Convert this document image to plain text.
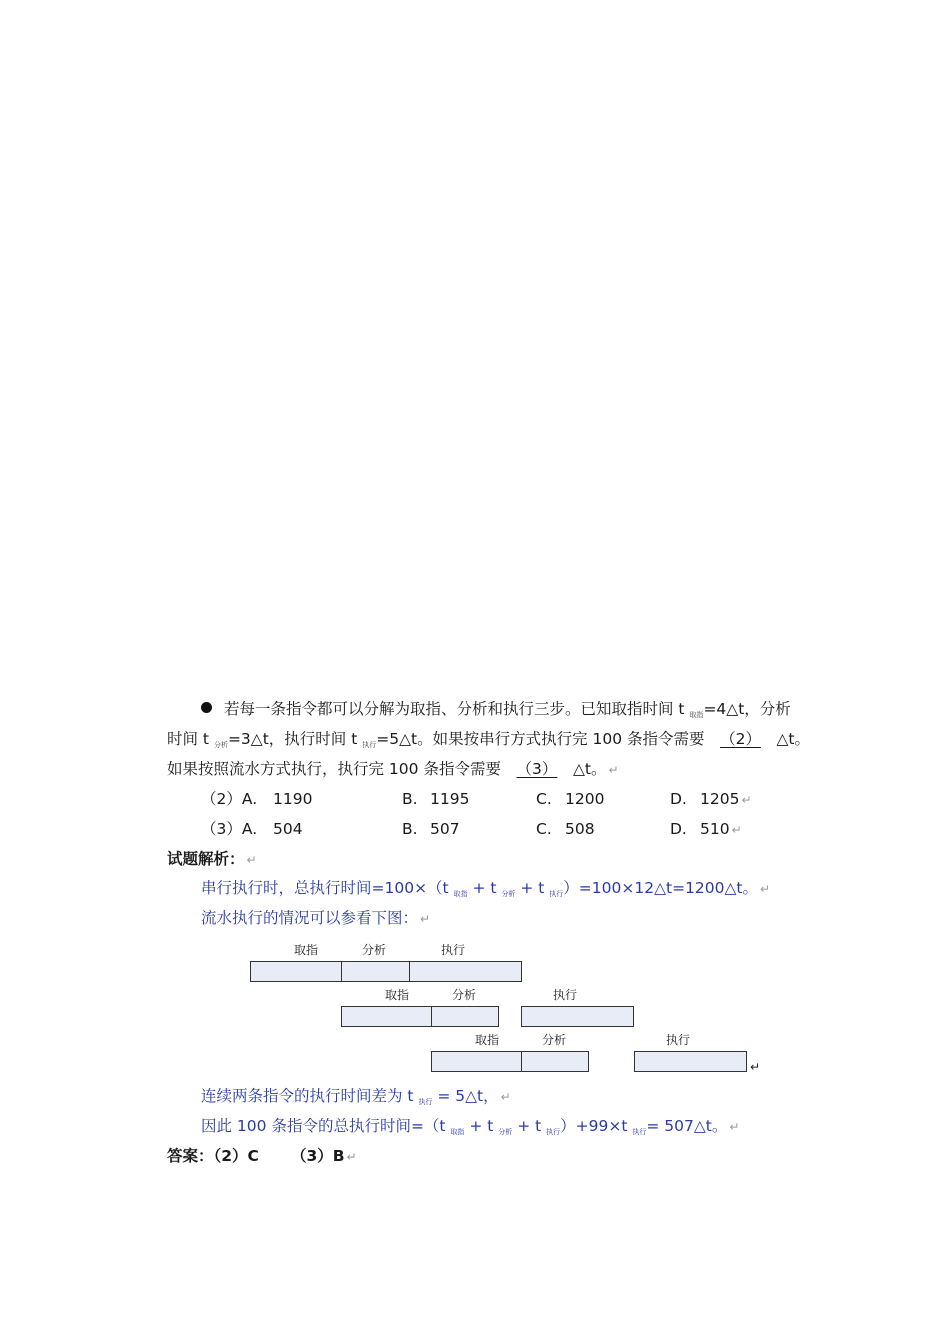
若每一条指令都可以分解为取指、分析和执行三步。已知取指时间 t $_{取指}$=4△t，分析
时间 t $_{分析}$=3△t，执行时间 t $_{执行}$=5△t。如果按串行方式执行完 100 条指令需要 （2） △t。
如果按照流水方式执行，执行完 100 条指令需要 （3） △t。 ↵
（2）A. 1190	B. 1195	C. 1200	D. 1205 ↵
（3）A. 504	B. 507	C. 508	D. 510 ↵
试题解析： ↵
串行执行时，总执行时间=100×（t $_{取指}$ + t $_{分析}$ + t $_{执行}$）=100×12△t=1200△t。 ↵
流水执行的情况可以参看下图： ↵
取指	分析	执行
取指	分析	执行
取指	分析	执行
↵
连续两条指令的执行时间差为 t $_{执行}$ = 5△t， ↵
因此 100 条指令的总执行时间=（t $_{取指}$ + t $_{分析}$ + t $_{执行}$）+99×t $_{执行}$= 507△t。 ↵
答案：（2）C （3）B ↵
